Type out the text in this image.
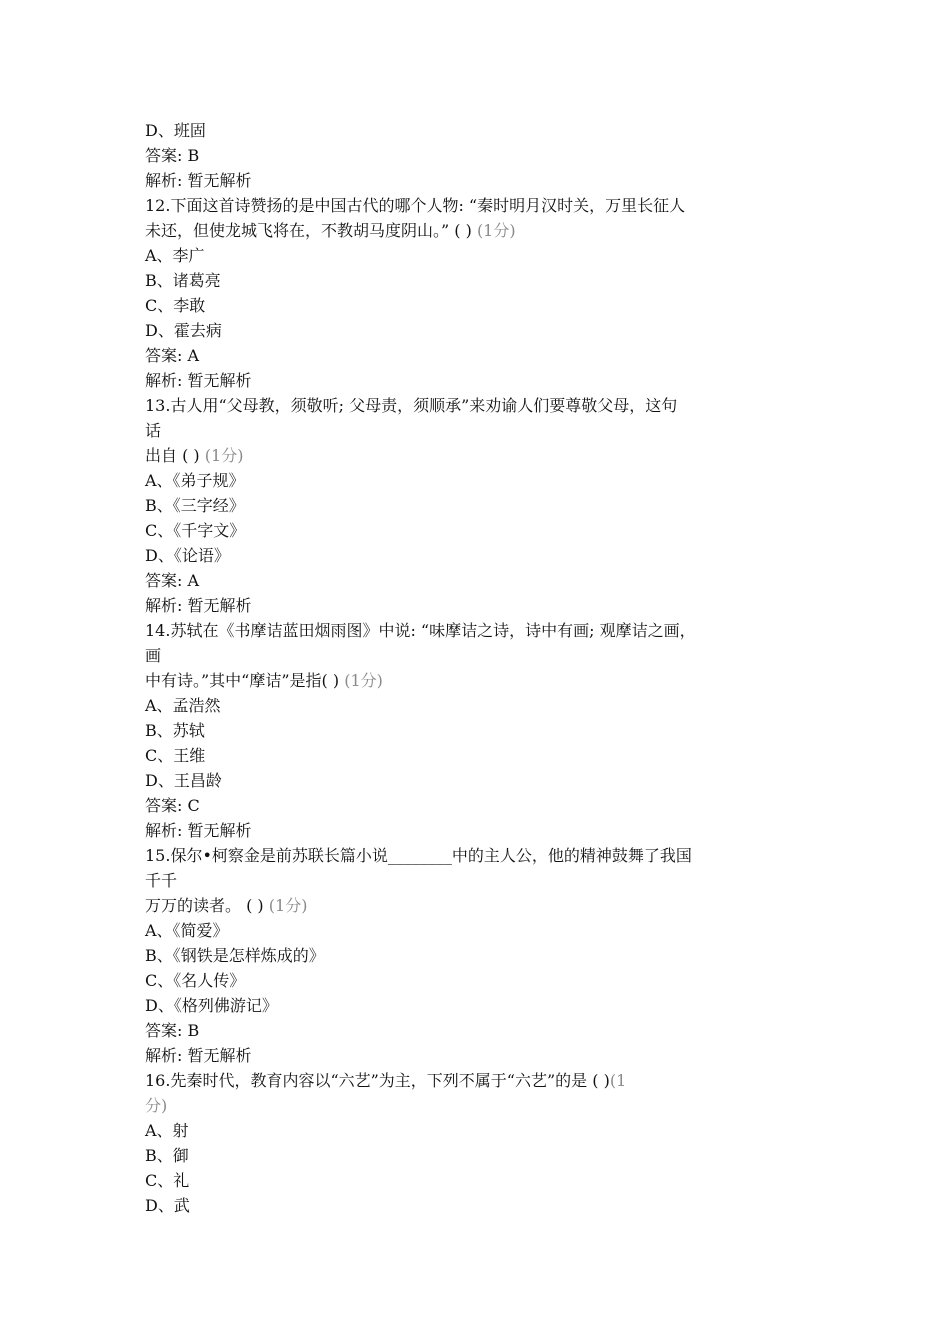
D、班固
答案: B
解析: 暂无解析
12.下面这首诗赞扬的是中国古代的哪个人物: “秦时明月汉时关，万里长征人
未还，但使龙城飞将在，不教胡马度阴山。” ( ) (1分)
A、李广
B、诸葛亮
C、李敢
D、霍去病
答案: A
解析: 暂无解析
13.古人用“父母教，须敬听; 父母责，须顺承”来劝谕人们要尊敬父母，这句
话
出自 ( ) (1分)
A、《弟子规》
B、《三字经》
C、《千字文》
D、《论语》
答案: A
解析: 暂无解析
14.苏轼在《书摩诘蓝田烟雨图》中说: “味摩诘之诗，诗中有画; 观摩诘之画，
画
中有诗。”其中“摩诘”是指( ) (1分)
A、孟浩然
B、苏轼
C、王维
D、王昌龄
答案: C
解析: 暂无解析
15.保尔•柯察金是前苏联长篇小说________中的主人公，他的精神鼓舞了我国
千千
万万的读者。 ( ) (1分)
A、《简爱》
B、《钢铁是怎样炼成的》
C、《名人传》
D、《格列佛游记》
答案: B
解析: 暂无解析
16.先秦时代，教育内容以“六艺”为主，下列不属于“六艺”的是 ( )(1
分)
A、射
B、御
C、礼
D、武
